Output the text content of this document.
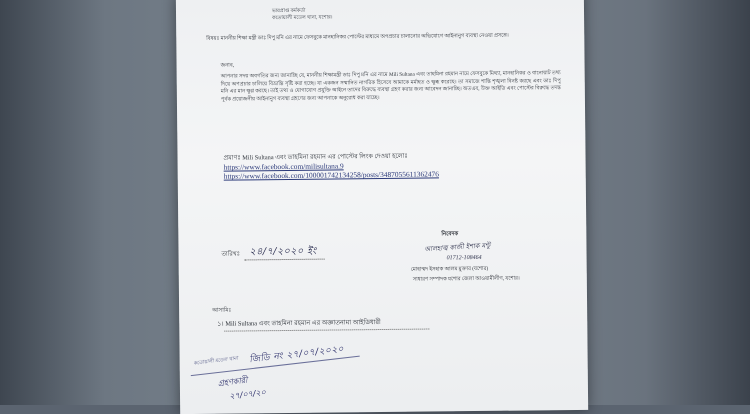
ভারপ্রাপ্ত কর্মকর্তা
কতোয়ালী মডেল থানা, যশোর।
বিষয়ঃ মাননীয় শিক্ষা মন্ত্রী ডাঃ দিপু মনি এর নামে ফেসবুকে মানহানিকর পোস্টের মাধ্যমে অপপ্রচার চালানোর অভিযোগে আইনানুগ ব্যবস্থা নেওয়া প্রসঙ্গে।
জনাব,

আপনার সদয় অবগতির জন্য জানাচ্ছি যে, মাননীয় শিক্ষামন্ত্রী ডাঃ দিপু মনি এর নামে Mili Sultana এবং তাহমিনা রহমান নামে ফেসবুকে মিথ্যা, মানহানিকর ও বানোয়াট তথ্য দিয়ে অপপ্রচার চালিয়ে বিভ্রান্তি সৃষ্টি করা হচ্ছে। যা একজন সম্মানিত নাগরিক হিসেবে আমাকে মর্মাহত ও ক্ষুব্ধ করেছে। তা সমাজে শান্তি শৃঙ্খলা বিনষ্ট করছে এবং ডাঃ দিপু মনি এর মান ক্ষুণ্ণ করছে। তাই তথ্য ও যোগাযোগ প্রযুক্তি আইনে তাদের বিরুদ্ধে ব্যবস্থা গ্রহণ করার জন্য আবেদন জানাচ্ছি। অতএব, উক্ত আইডি এবং পোস্টের বিরুদ্ধে তদন্ত পূর্বক প্রয়োজনীয় আইনানুগ ব্যবস্থা গ্রহণের জন্য আপনাকে অনুরোধ করা যাচ্ছে।

প্রমাণঃ Mili Sultana এবং তাহমিনা রহমান এর পোস্টের লিংক দেওয়া হলোঃ
https://www.facebook.com/milisultana.9
https://www.facebook.com/100001742134258/posts/3487055611362476
নিবেদক
আলহাজ্ব কাজী ইশাক মন্টু
01712-108464
মোহাম্মদ ইসহাক আলম মুক্তার (যশোর)
সাধারণ সম্পাদক যশোর জেলা আওয়ামীলীগ, যশোর।
তারিখঃ ২৪/৭/২০২০ ইং
আসামিঃ
১। Mili Sultana এবং তাহমিনা রহমান এর অজ্ঞাতনামা আইডিধারী
কতোয়ালী মডেল থানা জিডি নং ২৭/০৭/২০২০
গ্রহণকারী
২৭/০৭/২০
